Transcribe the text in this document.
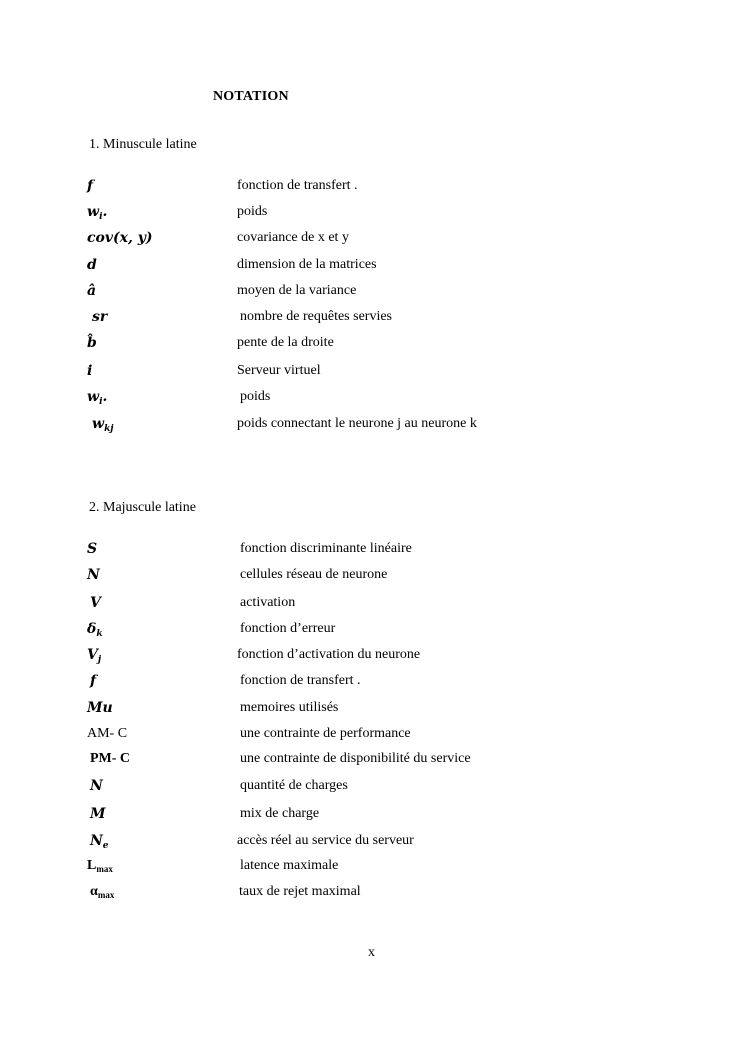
NOTATION
1. Minuscule latine
f	fonction de transfert .
$w_i$.	poids
cov(x, y)	covariance de x et y
d	dimension de la matrices
â	moyen de la variance
sr	nombre de requêtes servies
b̂	pente de la droite
i	Serveur virtuel
$w_i$.	poids
$w_{kj}$	poids connectant le neurone j au neurone k
2. Majuscule latine
S	fonction discriminante linéaire
N	cellules réseau de neurone
V	activation
$\delta_k$	fonction d’erreur
$V_j$	fonction d’activation du neurone
f	fonction de transfert .
Mu	memoires utilisés
AM- C	une contrainte de performance
PM- C	une contrainte de disponibilité du service
N	quantité de charges
M	mix de charge
$N_e$	accès réel au service du serveur
$L_{max}$	latence maximale
$\alpha_{max}$	taux de rejet maximal
x
